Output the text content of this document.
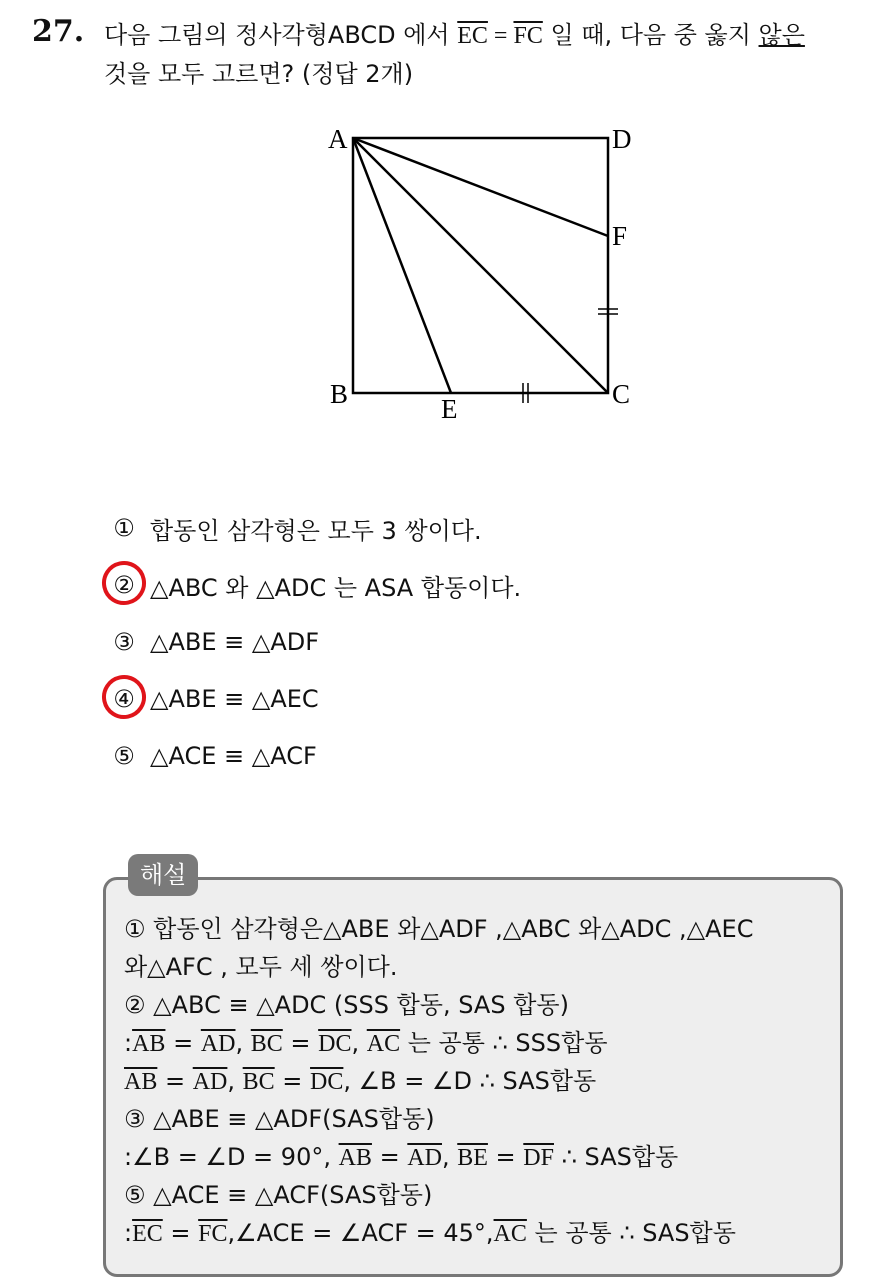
27. 다음 그림의 정사각형ABCD 에서 $\overline{EC} = \overline{FC}$ 일 때, 다음 중 옳지 않은
것을 모두 고르면? (정답 2개)
A	D
F
B	C
E
① 합동인 삼각형은 모두 3 쌍이다.
② △ABC 와 △ADC 는 ASA 합동이다.
③ △ABE ≡ △ADF
④ △ABE ≡ △AEC
⑤ △ACE ≡ △ACF
해설
① 합동인 삼각형은△ABE 와△ADF ,△ABC 와△ADC ,△AEC
와△AFC , 모두 세 쌍이다.
② △ABC ≡ △ADC (SSS 합동, SAS 합동)
$:\overline{AB} = \overline{AD}$, $\overline{BC} = \overline{DC}$, $\overline{AC}$ 는 공통 ∴ SSS합동
$\overline{AB} = \overline{AD}$, $\overline{BC} = \overline{DC}$, ∠B = ∠D ∴ SAS합동
③ △ABE ≡ △ADF(SAS합동)
:∠B = ∠D = 90°, $\overline{AB} = \overline{AD}$, $\overline{BE} = \overline{DF}$ ∴ SAS합동
⑤ △ACE ≡ △ACF(SAS합동)
$:\overline{EC}$ = $\overline{FC},\angle ACE$ = ∠ACF = $45^\circ,\overline{AC}$ 는 공통 ∴ SAS합동
